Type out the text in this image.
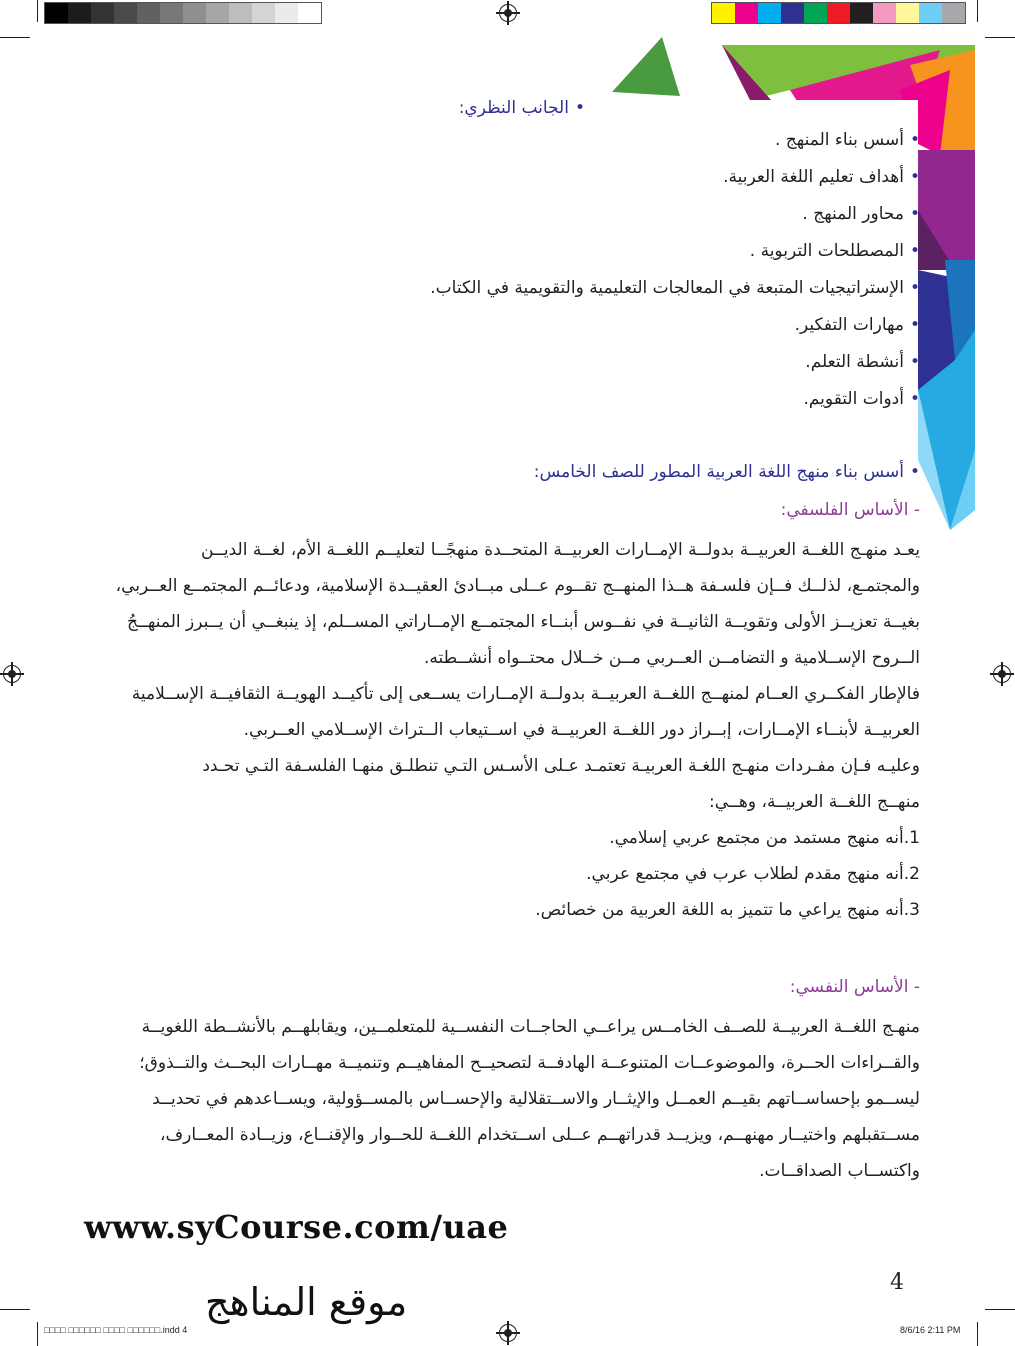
•الجانب النظري:
•أسس بناء المنهج .
•أهداف تعليم اللغة العربية.
•محاور المنهج .
•المصطلحات التربوية .
•الإستراتيجيات المتبعة في المعالجات التعليمية والتقويمية في الكتاب.
•مهارات التفكير.
•أنشطة التعلم.
•أدوات التقويم.
•أسس بناء منهج اللغة العربية المطور للصف الخامس:
- الأساس الفلسفي:
يعـد منهـج اللغــة العربيــة بدولــة الإمــارات العربيــة المتحــدة منهجًــا لتعليــم اللغــة الأم، لغــة الديــن
والمجتمـع، لذلــك فــإن فلسـفة هــذا المنهــج تقــوم عــلى مبــادئ العقيــدة الإسلامية، ودعائــم المجتمــع العــربي،
بغيــة تعزيــز الأولى وتقويــة الثانيــة في نفــوس أبنــاء المجتمــع الإمــاراتي المســلم، إذ ينبغــي أن يــبرز المنهــجُ
الــروح الإســلامية و التضامــن العــربي مــن خــلال محتــواه أنشــطته.
فالإطار الفكــري العــام لمنهــج اللغــة العربيــة بدولــة الإمــارات يســعى إلى تأكيــد الهويــة الثقافيــة الإســلامية
العربيــة لأبنــاء الإمــارات، إبــراز دور اللغــة العربيــة في اســتيعاب الــتراث الإســلامي العــربي.
وعليـه فـإن مفـردات منهـج اللغـة العربيـة تعتمـد عـلى الأسـس التـي تنطلـق منهـا الفلسـفة التـي تحـدد
منهــج اللغــة العربيــة، وهــي:
1.أنه منهج مستمد من مجتمع عربي إسلامي.
2.أنه منهج مقدم لطلاب عرب في مجتمع عربي.
3.أنه منهج يراعي ما تتميز به اللغة العربية من خصائص.
- الأساس النفسي:
منهـج اللغــة العربيــة للصــف الخامــس يراعــي الحاجــات النفســية للمتعلمــين، ويقابلهــم بالأنشــطة اللغويــة
والقــراءات الحــرة، والموضوعــات المتنوعــة الهادفــة لتصحيــح المفاهيــم وتنميــة مهــارات البحــث والتــذوق؛
ليســمو بإحساســاتهم بقيــم العمــل والإيثــار والاســتقلالية والإحســاس بالمســؤولية، ويســاعدهم في تحديــد
مســتقبلهم واختيــار مهنهــم، ويزيــد قدراتهــم عــلى اســتخدام اللغــة للحــوار والإقنــاع، وزيــادة المعــارف،
واكتســاب الصداقــات.
www.syCourse.com/uae
4
موقع المناهج
□□□□ □□□□□□ □□□□ □□□□□□.indd 4	8/6/16 2:11 PM
